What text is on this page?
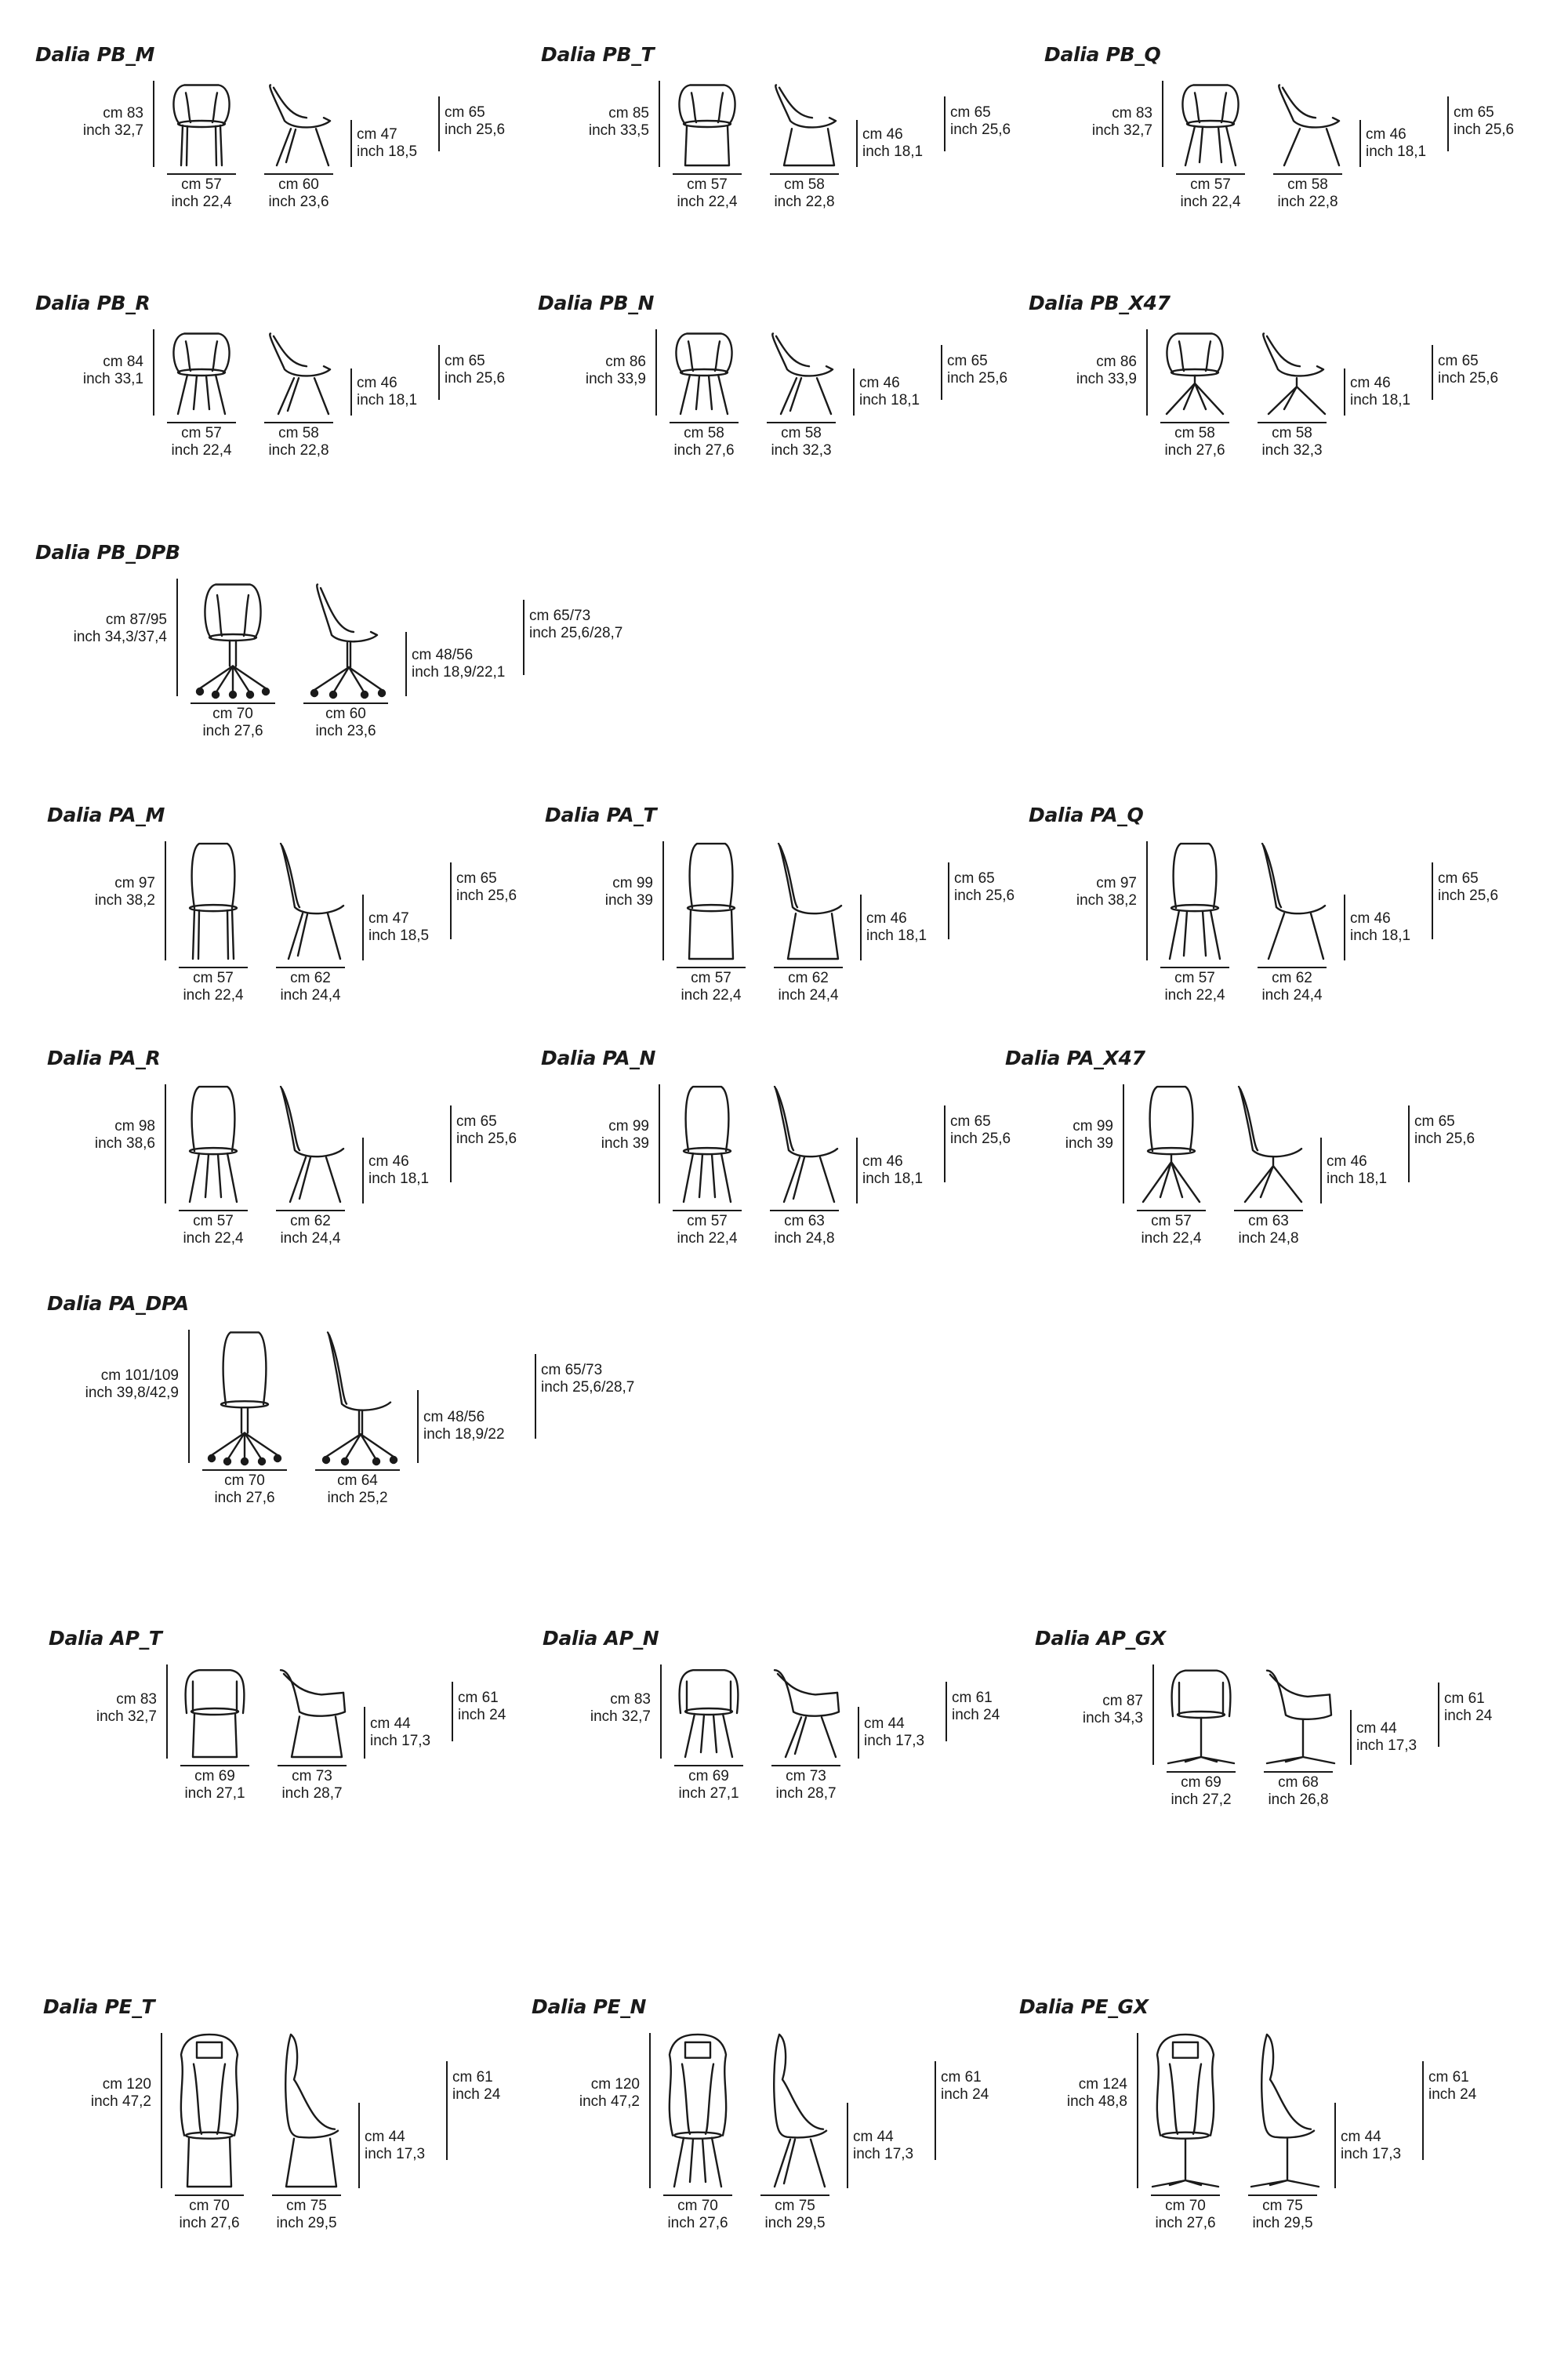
Dalia PB_M
cm 83
inch 32,7
cm 57
inch 22,4
cm 60
inch 23,6
cm 47
inch 18,5
cm 65
inch 25,6
Dalia PB_T
cm 85
inch 33,5
cm 57
inch 22,4
cm 58
inch 22,8
cm 46
inch 18,1
cm 65
inch 25,6
Dalia PB_Q
cm 83
inch 32,7
cm 57
inch 22,4
cm 58
inch 22,8
cm 46
inch 18,1
cm 65
inch 25,6
Dalia PB_R
cm 84
inch 33,1
cm 57
inch 22,4
cm 58
inch 22,8
cm 46
inch 18,1
cm 65
inch 25,6
Dalia PB_N
cm 86
inch 33,9
cm 58
inch 27,6
cm 58
inch 32,3
cm 46
inch 18,1
cm 65
inch 25,6
Dalia PB_X47
cm 86
inch 33,9
cm 58
inch 27,6
cm 58
inch 32,3
cm 46
inch 18,1
cm 65
inch 25,6
Dalia PB_DPB
cm 87/95
inch 34,3/37,4
cm 70
inch 27,6
cm 60
inch 23,6
cm 48/56
inch 18,9/22,1
cm 65/73
inch 25,6/28,7
Dalia PA_M
cm 97
inch 38,2
cm 57
inch 22,4
cm 62
inch 24,4
cm 47
inch 18,5
cm 65
inch 25,6
Dalia PA_T
cm 99
inch 39
cm 57
inch 22,4
cm 62
inch 24,4
cm 46
inch 18,1
cm 65
inch 25,6
Dalia PA_Q
cm 97
inch 38,2
cm 57
inch 22,4
cm 62
inch 24,4
cm 46
inch 18,1
cm 65
inch 25,6
Dalia PA_R
cm 98
inch 38,6
cm 57
inch 22,4
cm 62
inch 24,4
cm 46
inch 18,1
cm 65
inch 25,6
Dalia PA_N
cm 99
inch 39
cm 57
inch 22,4
cm 63
inch 24,8
cm 46
inch 18,1
cm 65
inch 25,6
Dalia PA_X47
cm 99
inch 39
cm 57
inch 22,4
cm 63
inch 24,8
cm 46
inch 18,1
cm 65
inch 25,6
Dalia PA_DPA
cm 101/109
inch 39,8/42,9
cm 70
inch 27,6
cm 64
inch 25,2
cm 48/56
inch 18,9/22
cm 65/73
inch 25,6/28,7
Dalia AP_T
cm 83
inch 32,7
cm 69
inch 27,1
cm 73
inch 28,7
cm 44
inch 17,3
cm 61
inch 24
Dalia AP_N
cm 83
inch 32,7
cm 69
inch 27,1
cm 73
inch 28,7
cm 44
inch 17,3
cm 61
inch 24
Dalia AP_GX
cm 87
inch 34,3
cm 69
inch 27,2
cm 68
inch 26,8
cm 44
inch 17,3
cm 61
inch 24
Dalia PE_T
cm 120
inch 47,2
cm 70
inch 27,6
cm 75
inch 29,5
cm 44
inch 17,3
cm 61
inch 24
Dalia PE_N
cm 120
inch 47,2
cm 70
inch 27,6
cm 75
inch 29,5
cm 44
inch 17,3
cm 61
inch 24
Dalia PE_GX
cm 124
inch 48,8
cm 70
inch 27,6
cm 75
inch 29,5
cm 44
inch 17,3
cm 61
inch 24
